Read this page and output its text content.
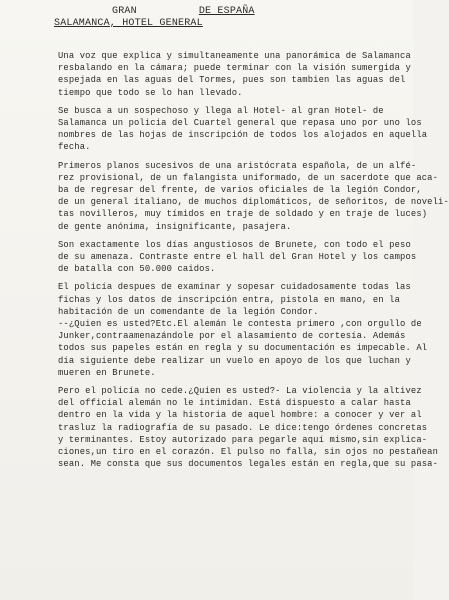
GRAN	DE ESPAÑA
SALAMANCA, HOTEL GENERAL
Una voz que explica y simultaneamente una panorámica de Salamanca
resbalando en la cámara; puede terminar con la visión sumergida y
espejada en las aguas del Tormes, pues son tambien las aguas del
tiempo que todo se lo han llevado.
Se busca a un sospechoso y llega al Hotel- al gran Hotel- de
Salamanca un policia del Cuartel general que repasa uno por uno los
nombres de las hojas de inscripción de todos los alojados en aquella
fecha.
Primeros planos sucesivos de una aristócrata española, de un alfé-
rez provisional, de un falangista uniformado, de un sacerdote que aca-
ba de regresar del frente, de varios oficiales de la legión Condor,
de un general italiano, de muchos diplomáticos, de señoritos, de noveli-
tas novilleros, muy tímidos en traje de soldado y en traje de luces)
de gente anónima, insignificante, pasajera.
Son exactamente los días angustiosos de Brunete, con todo el peso
de su amenaza. Contraste entre el hall del Gran Hotel y los campos
de batalla con 50.000 caidos.
El policía despues de examinar y sopesar cuidadosamente todas las
fichas y los datos de inscripción entra, pistola en mano, en la
habitación de un comendante de la legión Condor.
--¿Quien es usted?Etc.El alemán le contesta primero ,con orgullo de
Junker,contraamenazándole por el alasamiento de cortesía. Además
todos sus papeles están en regla y su documentación es impecable. Al
día siguiente debe realizar un vuelo en apoyo de los que luchan y
mueren en Brunete.
Pero el policía no cede.¿Quien es usted?- La violencia y la altivez
del official alemán no le intimidan. Está dispuesto a calar hasta
dentro en la vida y la historia de aquel hombre: a conocer y ver al
trasluz la radiografía de su pasado. Le dice:tengo órdenes concretas
y terminantes. Estoy autorizado para pegarle aquí mismo,sin explica-
ciones,un tiro en el corazón. El pulso no falla, sin ojos no pestañean
sean. Me consta que sus documentos legales están en regla,que su pasa-
